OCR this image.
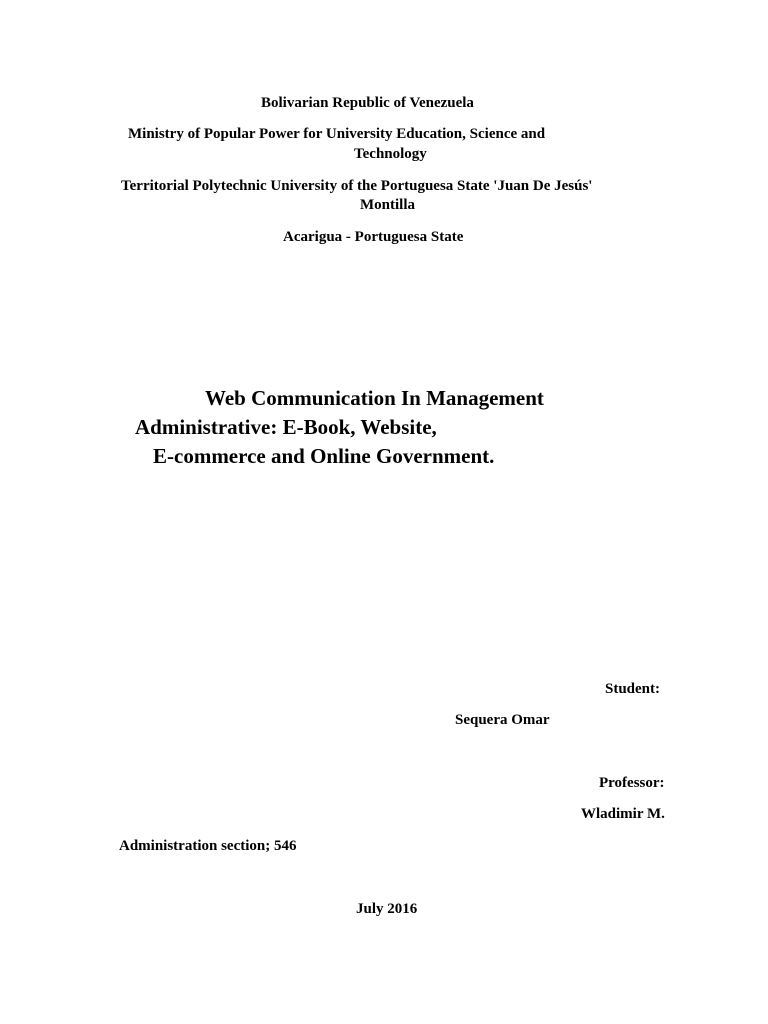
Bolivarian Republic of Venezuela
Ministry of Popular Power for University Education, Science and
Technology
Territorial Polytechnic University of the Portuguesa State 'Juan De Jesús'
Montilla
Acarigua - Portuguesa State
Web Communication In Management
Administrative: E-Book, Website,
E-commerce and Online Government.
Student:
Sequera Omar
Professor:
Wladimir M.
Administration section; 546
July 2016
